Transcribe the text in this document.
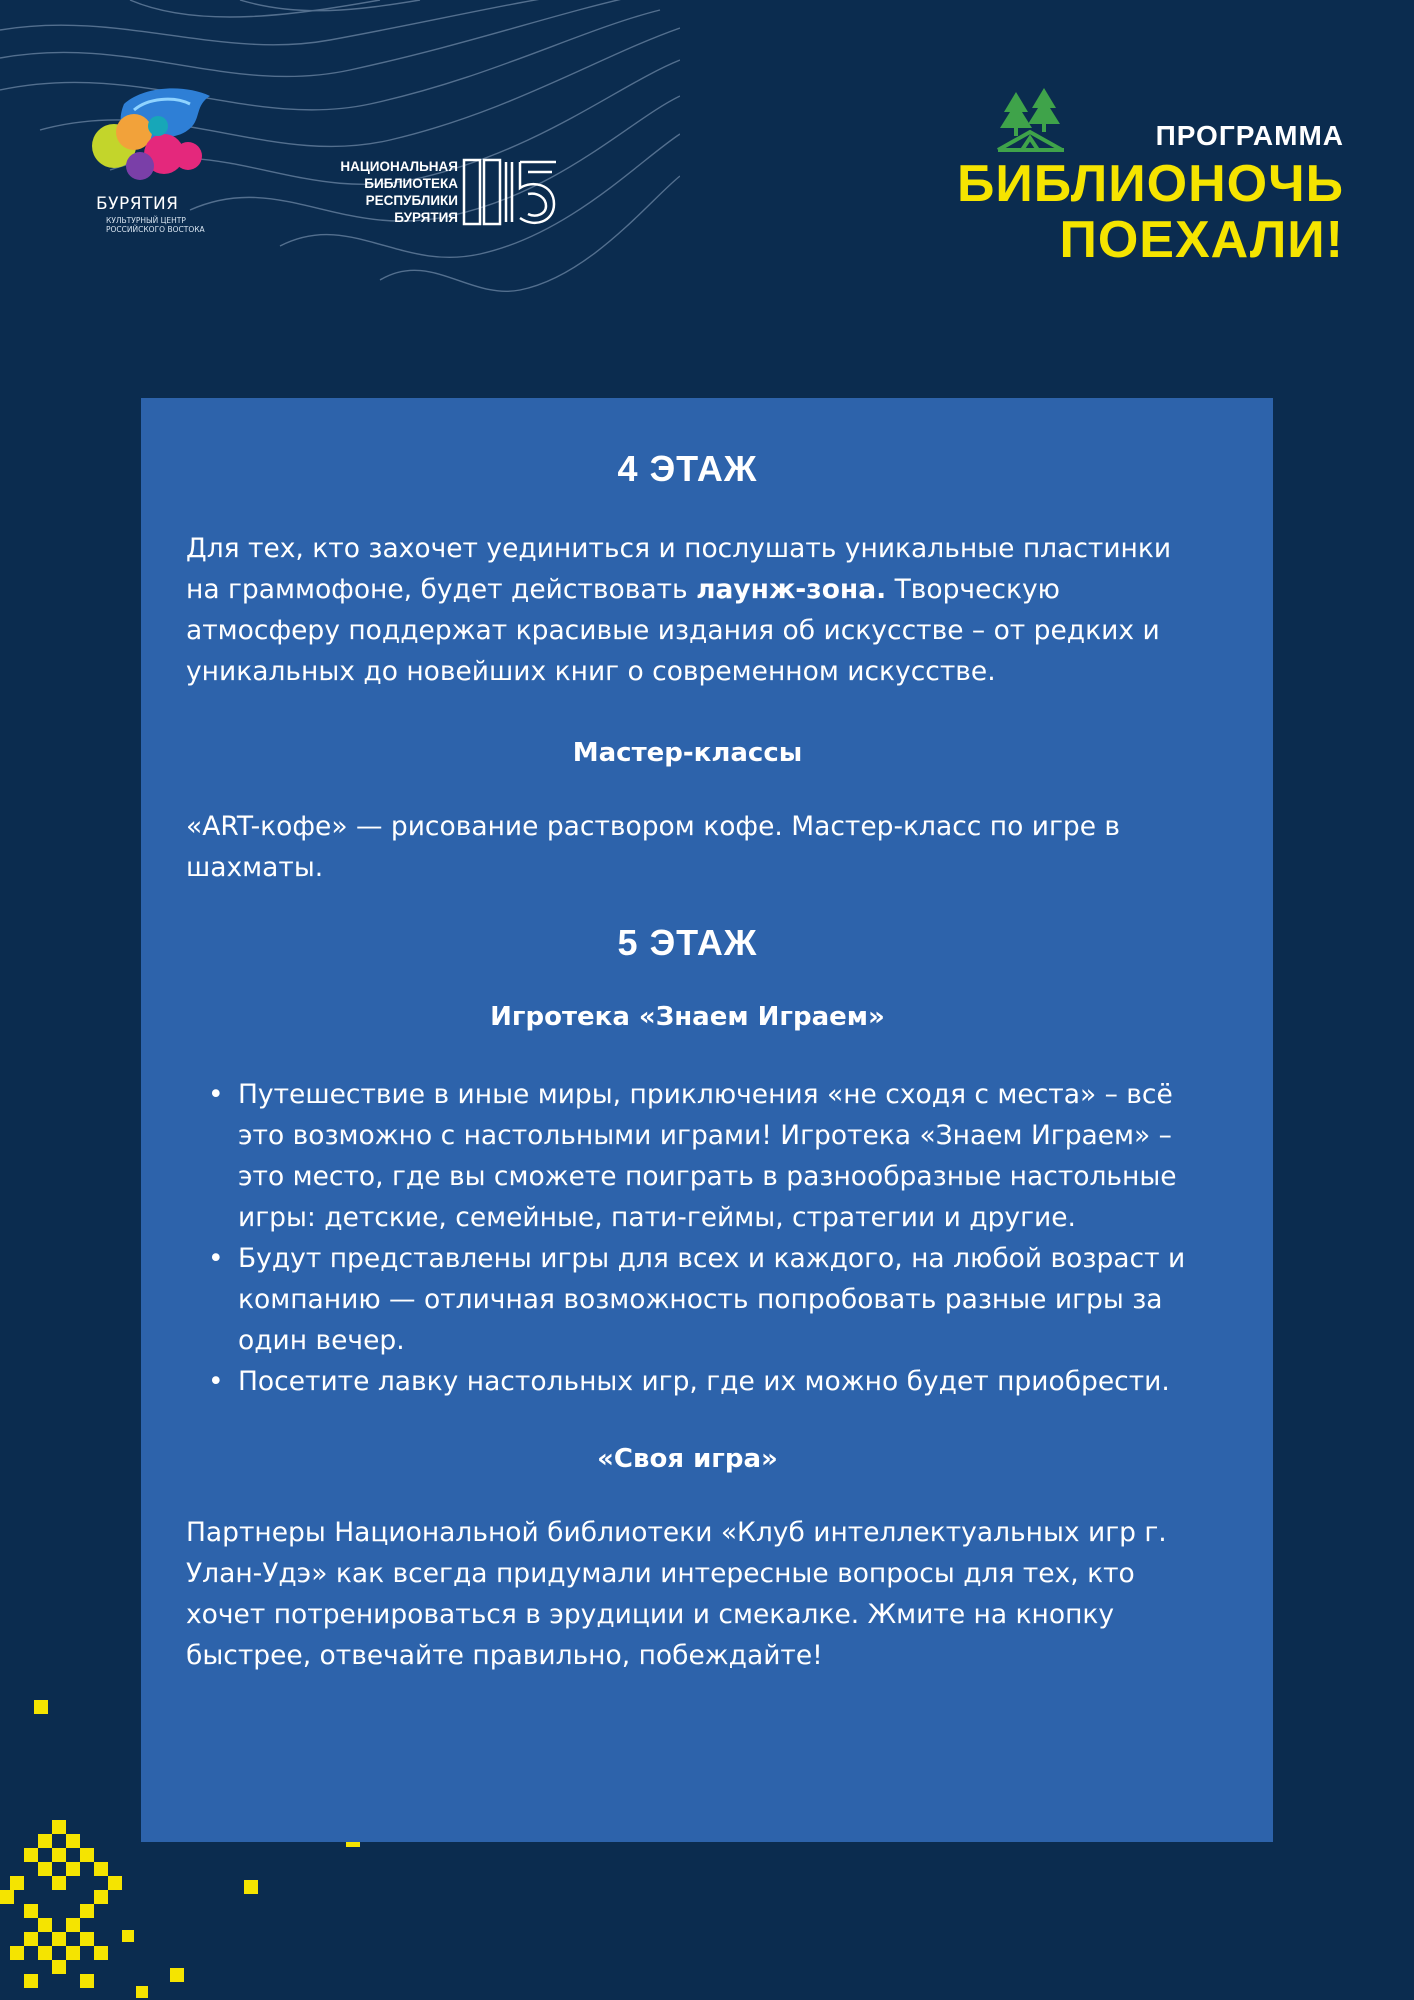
БУРЯТИЯ
КУЛЬТУРНЫЙ ЦЕНТР РОССИЙСКОГО ВОСТОКА
НАЦИОНАЛЬНАЯ
БИБЛИОТЕКА
РЕСПУБЛИКИ
БУРЯТИЯ
ПРОГРАММА
БИБЛИОНОЧЬ
ПОЕХАЛИ!
4 ЭТАЖ

Для тех, кто захочет уединиться и послушать уникальные пластинки на граммофоне, будет действовать лаунж-зона. Творческую атмосферу поддержат красивые издания об искусстве – от редких и уникальных до новейших книг о современном искусстве.

Мастер-классы

«ART-кофе» — рисование раствором кофе. Мастер-класс по игре в шахматы.

5 ЭТАЖ
Игротека «Знаем Играем»
• Путешествие в иные миры, приключения «не сходя с места» – всё это возможно с настольными играми! Игротека «Знаем Играем» – это место, где вы сможете поиграть в разнообразные настольные игры: детские, семейные, пати-геймы, стратегии и другие.
• Будут представлены игры для всех и каждого, на любой возраст и компанию — отличная возможность попробовать разные игры за один вечер.
• Посетите лавку настольных игр, где их можно будет приобрести.
«Своя игра»

Партнеры Национальной библиотеки «Клуб интеллектуальных игр г. Улан-Удэ» как всегда придумали интересные вопросы для тех, кто хочет потренироваться в эрудиции и смекалке. Жмите на кнопку быстрее, отвечайте правильно, побеждайте!
